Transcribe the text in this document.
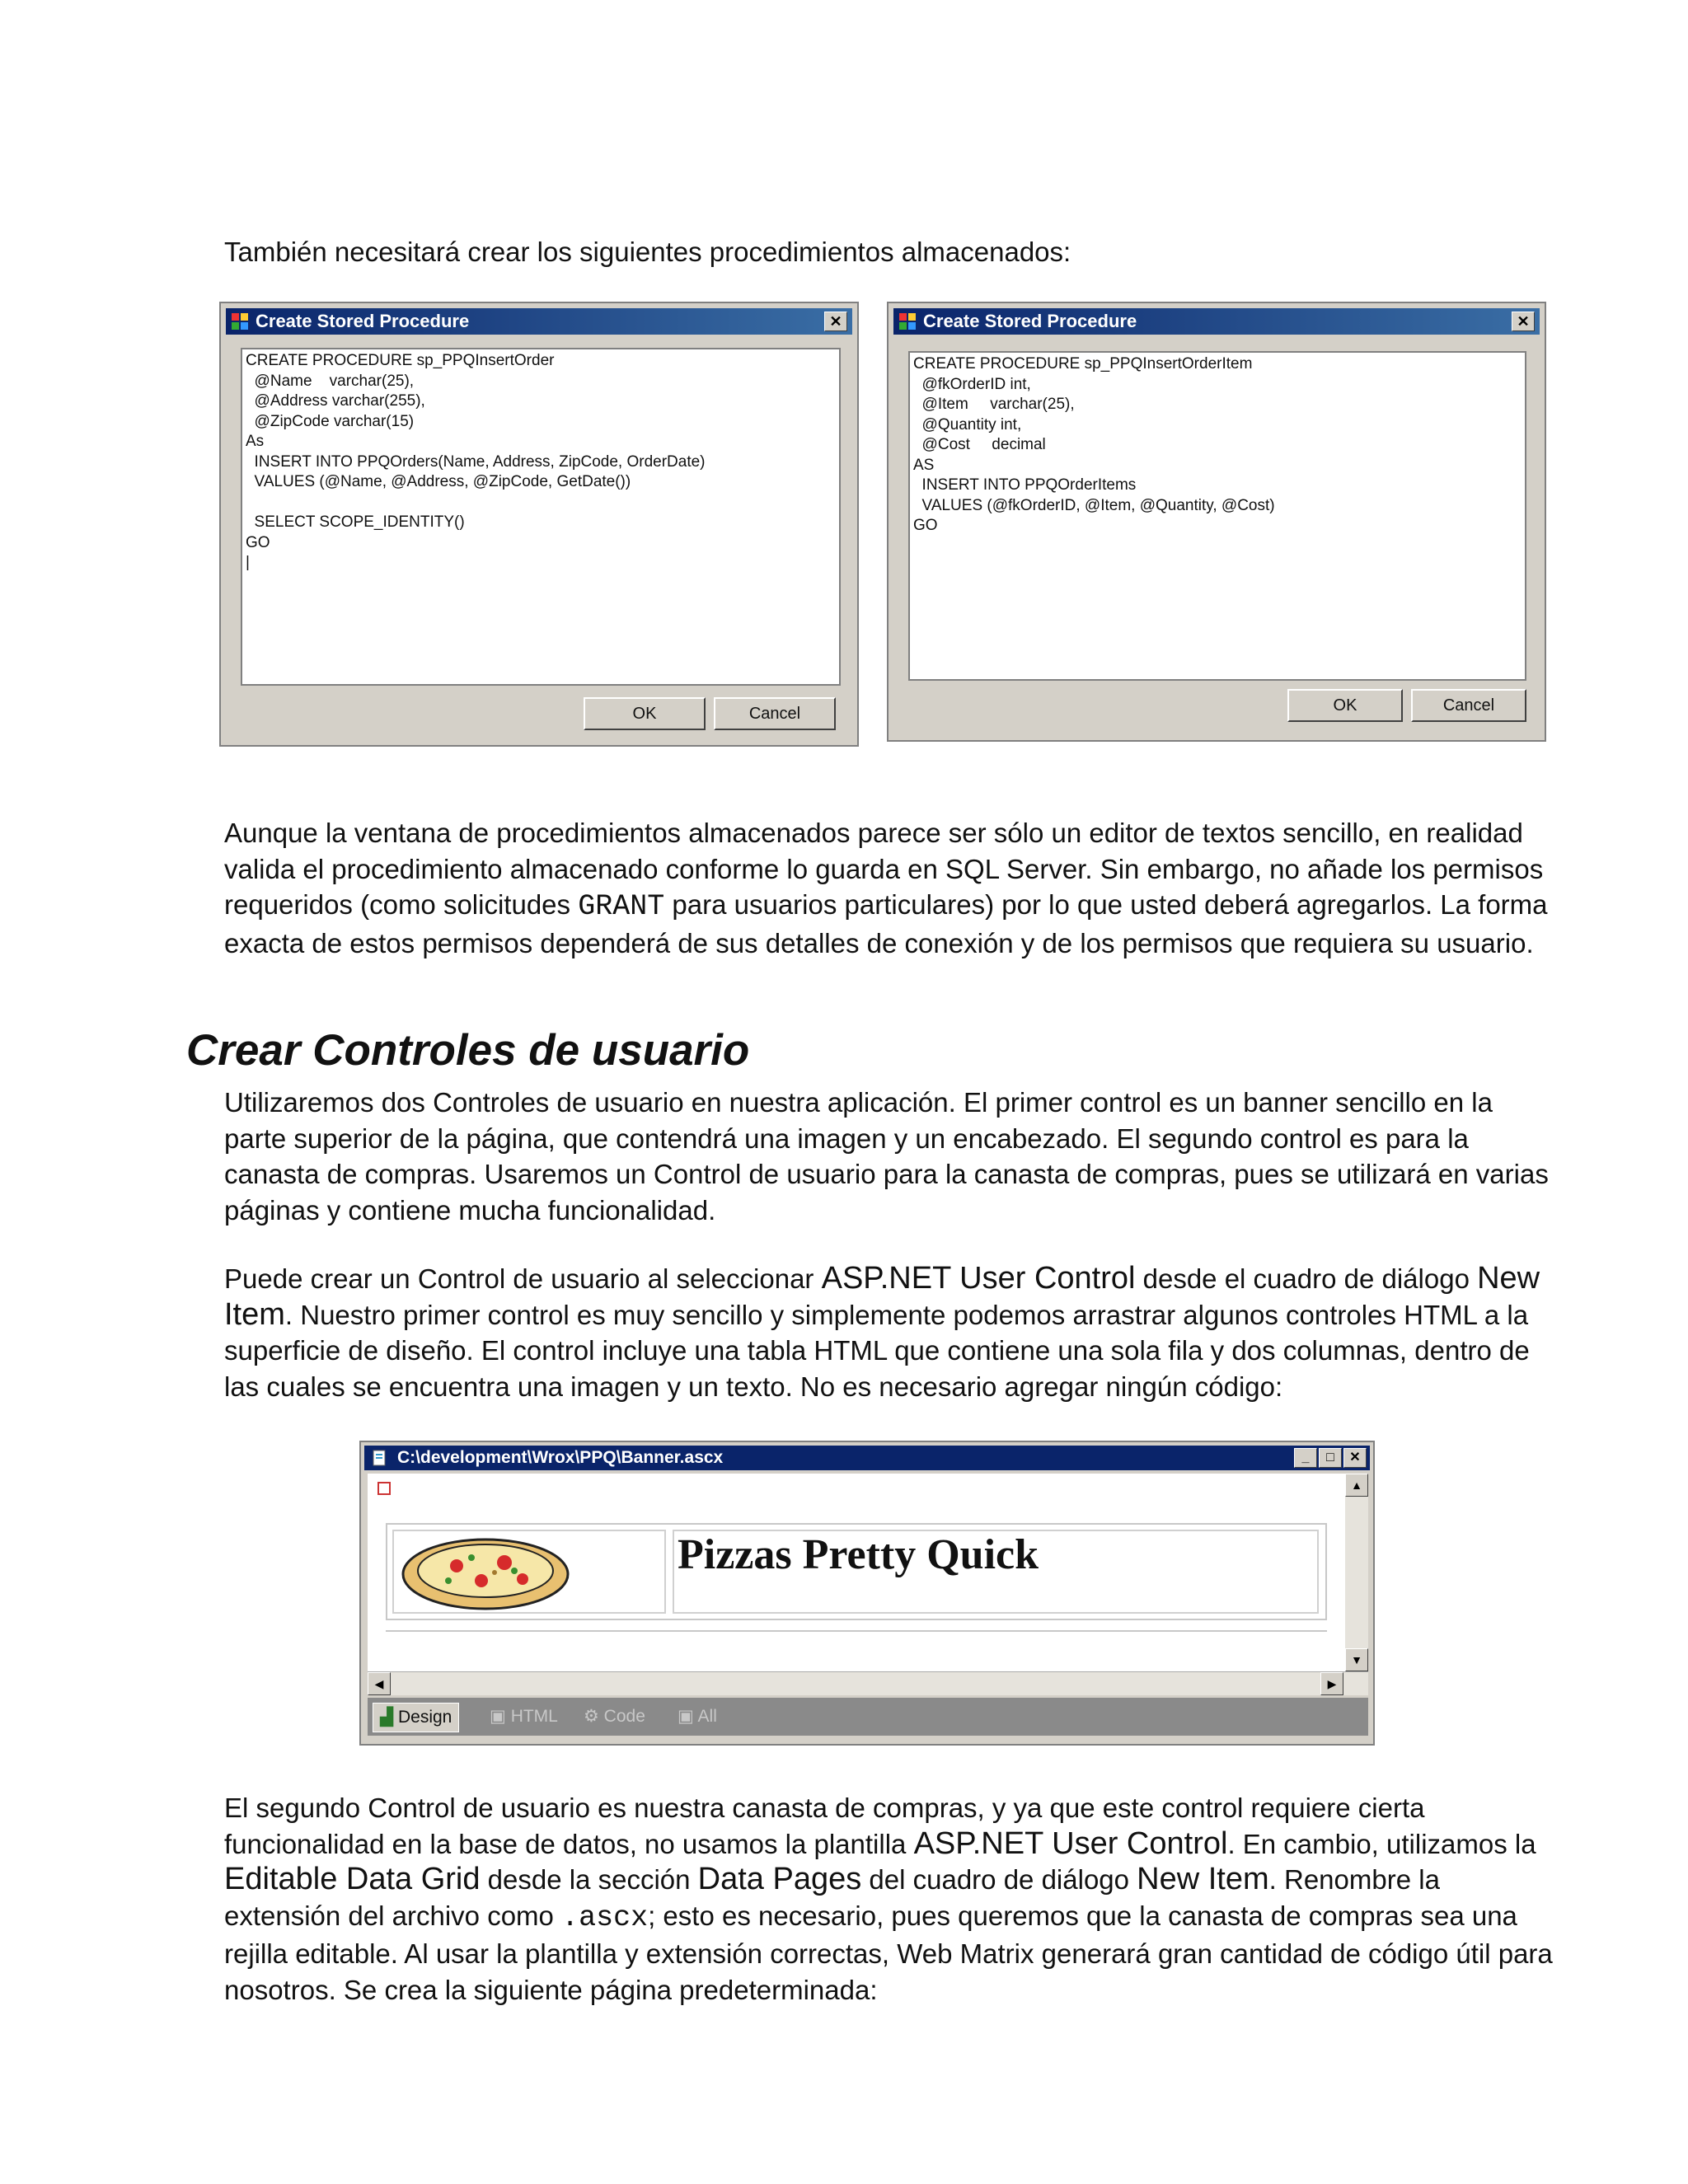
También necesitará crear los siguientes procedimientos almacenados:
Create Stored Procedure	✕
CREATE PROCEDURE sp_PPQInsertOrder
@Name    varchar(25),
@Address varchar(255),
@ZipCode varchar(15)
As
INSERT INTO PPQOrders(Name, Address, ZipCode, OrderDate)
VALUES (@Name, @Address, @ZipCode, GetDate())

SELECT SCOPE_IDENTITY()
GO
|
OK	Cancel
Create Stored Procedure	✕
CREATE PROCEDURE sp_PPQInsertOrderItem
@fkOrderID int,
@Item     varchar(25),
@Quantity int,
@Cost     decimal
AS
INSERT INTO PPQOrderItems
VALUES (@fkOrderID, @Item, @Quantity, @Cost)
GO
OK	Cancel
Aunque la ventana de procedimientos almacenados parece ser sólo un editor de textos sencillo, en realidad valida el procedimiento almacenado conforme lo guarda en SQL Server. Sin embargo, no añade los permisos requeridos (como solicitudes GRANT para usuarios particulares) por lo que usted deberá agregarlos. La forma exacta de estos permisos dependerá de sus detalles de conexión y de los permisos que requiera su usuario.
Crear Controles de usuario
Utilizaremos dos Controles de usuario en nuestra aplicación. El primer control es un banner sencillo en la parte superior de la página, que contendrá una imagen y un encabezado. El segundo control es para la canasta de compras. Usaremos un Control de usuario para la canasta de compras, pues se utilizará en varias páginas y contiene mucha funcionalidad.
Puede crear un Control de usuario al seleccionar ASP.NET User Control desde el cuadro de diálogo New Item. Nuestro primer control es muy sencillo y simplemente podemos arrastrar algunos controles HTML a la superficie de diseño. El control incluye una tabla HTML que contiene una sola fila y dos columnas, dentro de las cuales se encuentra una imagen y un texto. No es necesario agregar ningún código:
C:\development\Wrox\PPQ\Banner.ascx	_	□	✕
Pizzas Pretty Quick
▲
▼
◀	▶
▟ Design	▣ HTML	⚙ Code	▣ All
El segundo Control de usuario es nuestra canasta de compras, y ya que este control requiere cierta funcionalidad en la base de datos, no usamos la plantilla ASP.NET User Control. En cambio, utilizamos la Editable Data Grid desde la sección Data Pages del cuadro de diálogo New Item. Renombre la extensión del archivo como .ascx; esto es necesario, pues queremos que la canasta de compras sea una rejilla editable. Al usar la plantilla y extensión correctas, Web Matrix generará gran cantidad de código útil para nosotros. Se crea la siguiente página predeterminada:
